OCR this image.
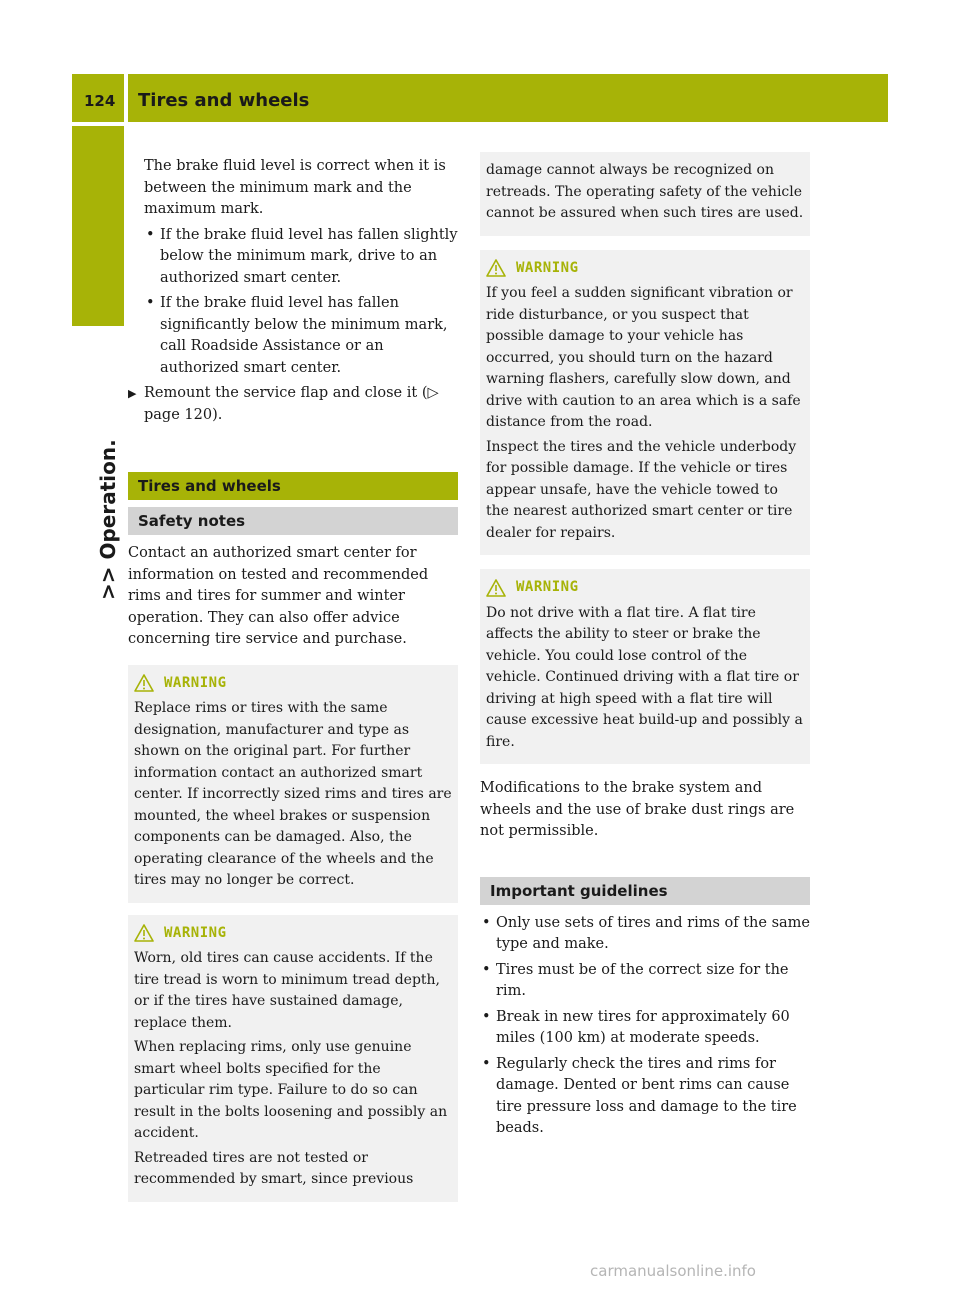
124 Tires and wheels
>> Operation.

The brake fluid level is correct when it is between the minimum mark and the maximum mark.

• If the brake fluid level has fallen slightly below the minimum mark, drive to an authorized smart center.
• If the brake fluid level has fallen significantly below the minimum mark, call Roadside Assistance or an authorized smart center.
▶ Remount the service flap and close it (▷ page 120).
Tires and wheels
Safety notes

Contact an authorized smart center for information on tested and recommended rims and tires for summer and winter operation. They can also offer advice concerning tire service and purchase.

WARNING

Replace rims or tires with the same designation, manufacturer and type as shown on the original part. For further information contact an authorized smart center. If incorrectly sized rims and tires are mounted, the wheel brakes or suspension components can be damaged. Also, the operating clearance of the wheels and the tires may no longer be correct.

WARNING

Worn, old tires can cause accidents. If the tire tread is worn to minimum tread depth, or if the tires have sustained damage, replace them.

When replacing rims, only use genuine smart wheel bolts specified for the particular rim type. Failure to do so can result in the bolts loosening and possibly an accident.

Retreaded tires are not tested or recommended by smart, since previous

damage cannot always be recognized on retreads. The operating safety of the vehicle cannot be assured when such tires are used.

WARNING

If you feel a sudden significant vibration or ride disturbance, or you suspect that possible damage to your vehicle has occurred, you should turn on the hazard warning flashers, carefully slow down, and drive with caution to an area which is a safe distance from the road.

Inspect the tires and the vehicle underbody for possible damage. If the vehicle or tires appear unsafe, have the vehicle towed to the nearest authorized smart center or tire dealer for repairs.

WARNING

Do not drive with a flat tire. A flat tire affects the ability to steer or brake the vehicle. You could lose control of the vehicle. Continued driving with a flat tire or driving at high speed with a flat tire will cause excessive heat build-up and possibly a fire.

Modifications to the brake system and wheels and the use of brake dust rings are not permissible.

Important guidelines
• Only use sets of tires and rims of the same type and make.
• Tires must be of the correct size for the rim.
• Break in new tires for approximately 60 miles (100 km) at moderate speeds.
• Regularly check the tires and rims for damage. Dented or bent rims can cause tire pressure loss and damage to the tire beads.
carmanualsonline.info
